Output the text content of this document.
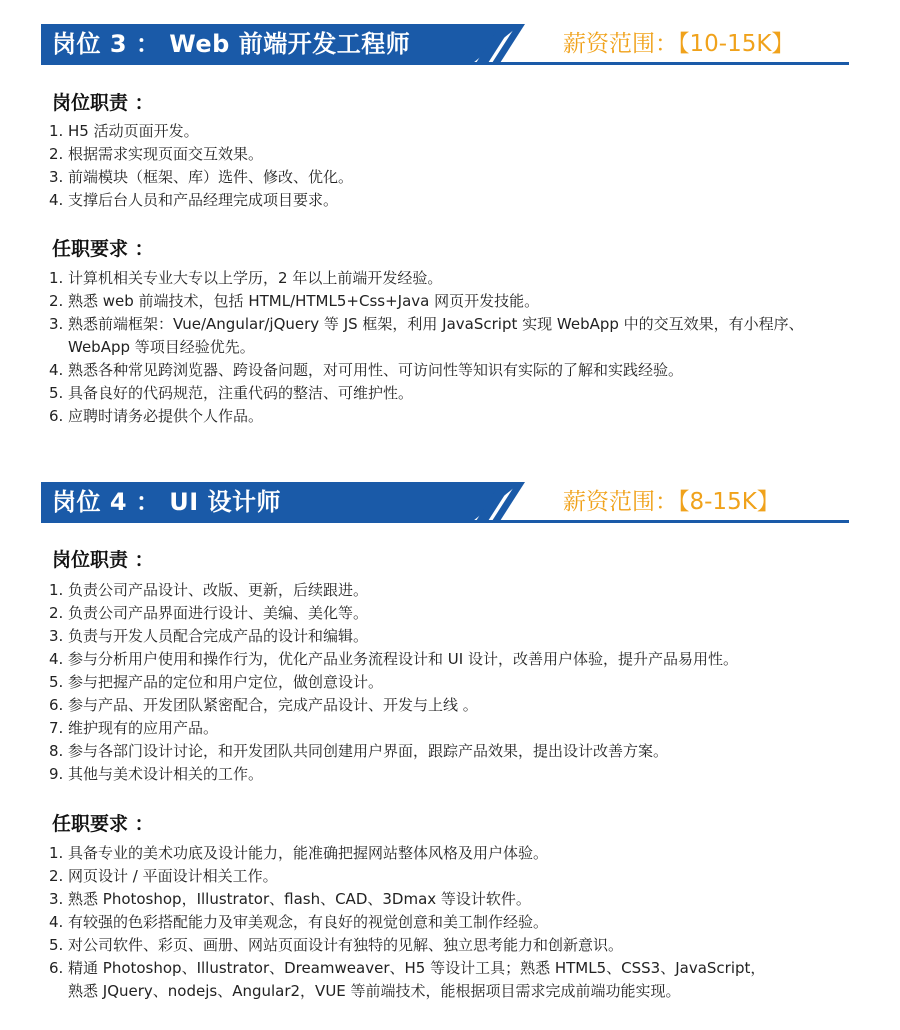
岗位 3 ： Web 前端开发工程师	薪资范围：【10-15K】
岗位职责 ：
1. H5 活动页面开发。
2. 根据需求实现页面交互效果。
3. 前端模块（框架、库）选件、修改、优化。
4. 支撑后台人员和产品经理完成项目要求。
任职要求 ：
1. 计算机相关专业大专以上学历，2 年以上前端开发经验。
2. 熟悉 web 前端技术，包括 HTML/HTML5+Css+Java 网页开发技能。
3. 熟悉前端框架：Vue/Angular/jQuery 等 JS 框架，利用 JavaScript 实现 WebApp 中的交互效果，有小程序、
WebApp 等项目经验优先。
4. 熟悉各种常见跨浏览器、跨设备问题，对可用性、可访问性等知识有实际的了解和实践经验。
5. 具备良好的代码规范，注重代码的整洁、可维护性。
6. 应聘时请务必提供个人作品。
岗位 4 ： UI 设计师	薪资范围：【8-15K】
岗位职责 ：
1. 负责公司产品设计、改版、更新，后续跟进。
2. 负责公司产品界面进行设计、美编、美化等。
3. 负责与开发人员配合完成产品的设计和编辑。
4. 参与分析用户使用和操作行为，优化产品业务流程设计和 UI 设计，改善用户体验，提升产品易用性。
5. 参与把握产品的定位和用户定位，做创意设计。
6. 参与产品、开发团队紧密配合，完成产品设计、开发与上线 。
7. 维护现有的应用产品。
8. 参与各部门设计讨论，和开发团队共同创建用户界面，跟踪产品效果，提出设计改善方案。
9. 其他与美术设计相关的工作。
任职要求 ：
1. 具备专业的美术功底及设计能力，能准确把握网站整体风格及用户体验。
2. 网页设计 / 平面设计相关工作。
3. 熟悉 Photoshop，Illustrator、flash、CAD、3Dmax 等设计软件。
4. 有较强的色彩搭配能力及审美观念，有良好的视觉创意和美工制作经验。
5. 对公司软件、彩页、画册、网站页面设计有独特的见解、独立思考能力和创新意识。
6. 精通 Photoshop、Illustrator、Dreamweaver、H5 等设计工具；熟悉 HTML5、CSS3、JavaScript，
熟悉 JQuery、nodejs、Angular2，VUE 等前端技术，能根据项目需求完成前端功能实现。
